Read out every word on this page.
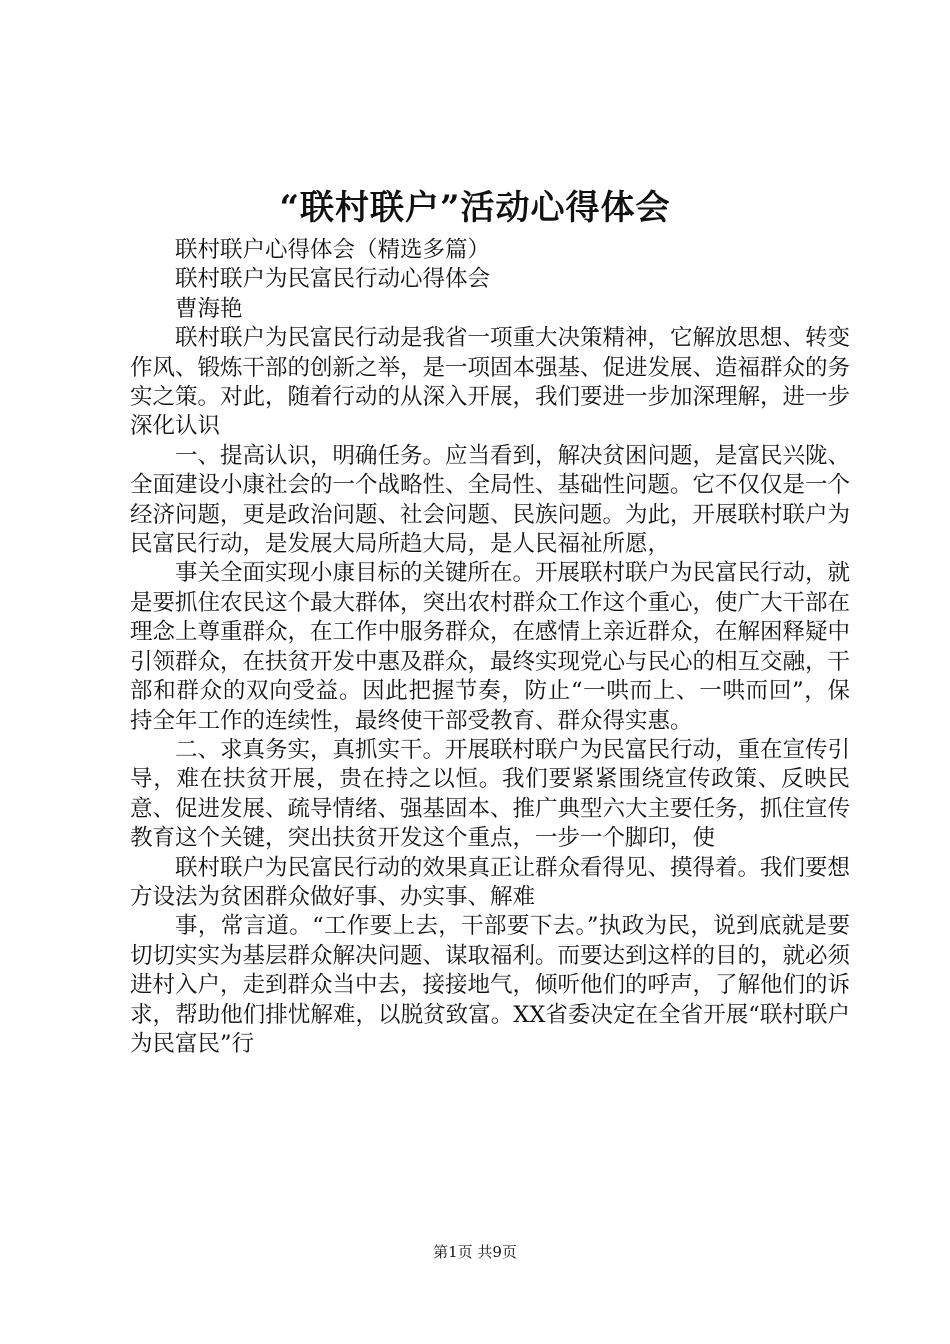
“联村联户”活动心得体会

联村联户心得体会（精选多篇）

联村联户为民富民行动心得体会

曹海艳

联村联户为民富民行动是我省一项重大决策精神，它解放思想、转变作风、锻炼干部的创新之举，是一项固本强基、促进发展、造福群众的务实之策。对此，随着行动的从深入开展，我们要进一步加深理解，进一步深化认识

一、提高认识，明确任务。应当看到，解决贫困问题，是富民兴陇、全面建设小康社会的一个战略性、全局性、基础性问题。它不仅仅是一个经济问题，更是政治问题、社会问题、民族问题。为此，开展联村联户为民富民行动，是发展大局所趋大局，是人民福祉所愿，

事关全面实现小康目标的关键所在。开展联村联户为民富民行动，就是要抓住农民这个最大群体，突出农村群众工作这个重心，使广大干部在理念上尊重群众，在工作中服务群众，在感情上亲近群众，在解困释疑中引领群众，在扶贫开发中惠及群众，最终实现党心与民心的相互交融，干部和群众的双向受益。因此把握节奏，防止“一哄而上、一哄而回”，保持全年工作的连续性，最终使干部受教育、群众得实惠。

二、求真务实，真抓实干。开展联村联户为民富民行动，重在宣传引导，难在扶贫开展，贵在持之以恒。我们要紧紧围绕宣传政策、反映民意、促进发展、疏导情绪、强基固本、推广典型六大主要任务，抓住宣传教育这个关键，突出扶贫开发这个重点，一步一个脚印，使

联村联户为民富民行动的效果真正让群众看得见、摸得着。我们要想方设法为贫困群众做好事、办实事、解难

事，常言道。“工作要上去，干部要下去。”执政为民，说到底就是要切切实实为基层群众解决问题、谋取福利。而要达到这样的目的，就必须进村入户，走到群众当中去，接接地气，倾听他们的呼声，了解他们的诉求，帮助他们排忧解难，以脱贫致富。XX省委决定在全省开展“联村联户为民富民”行

第1页 共9页
